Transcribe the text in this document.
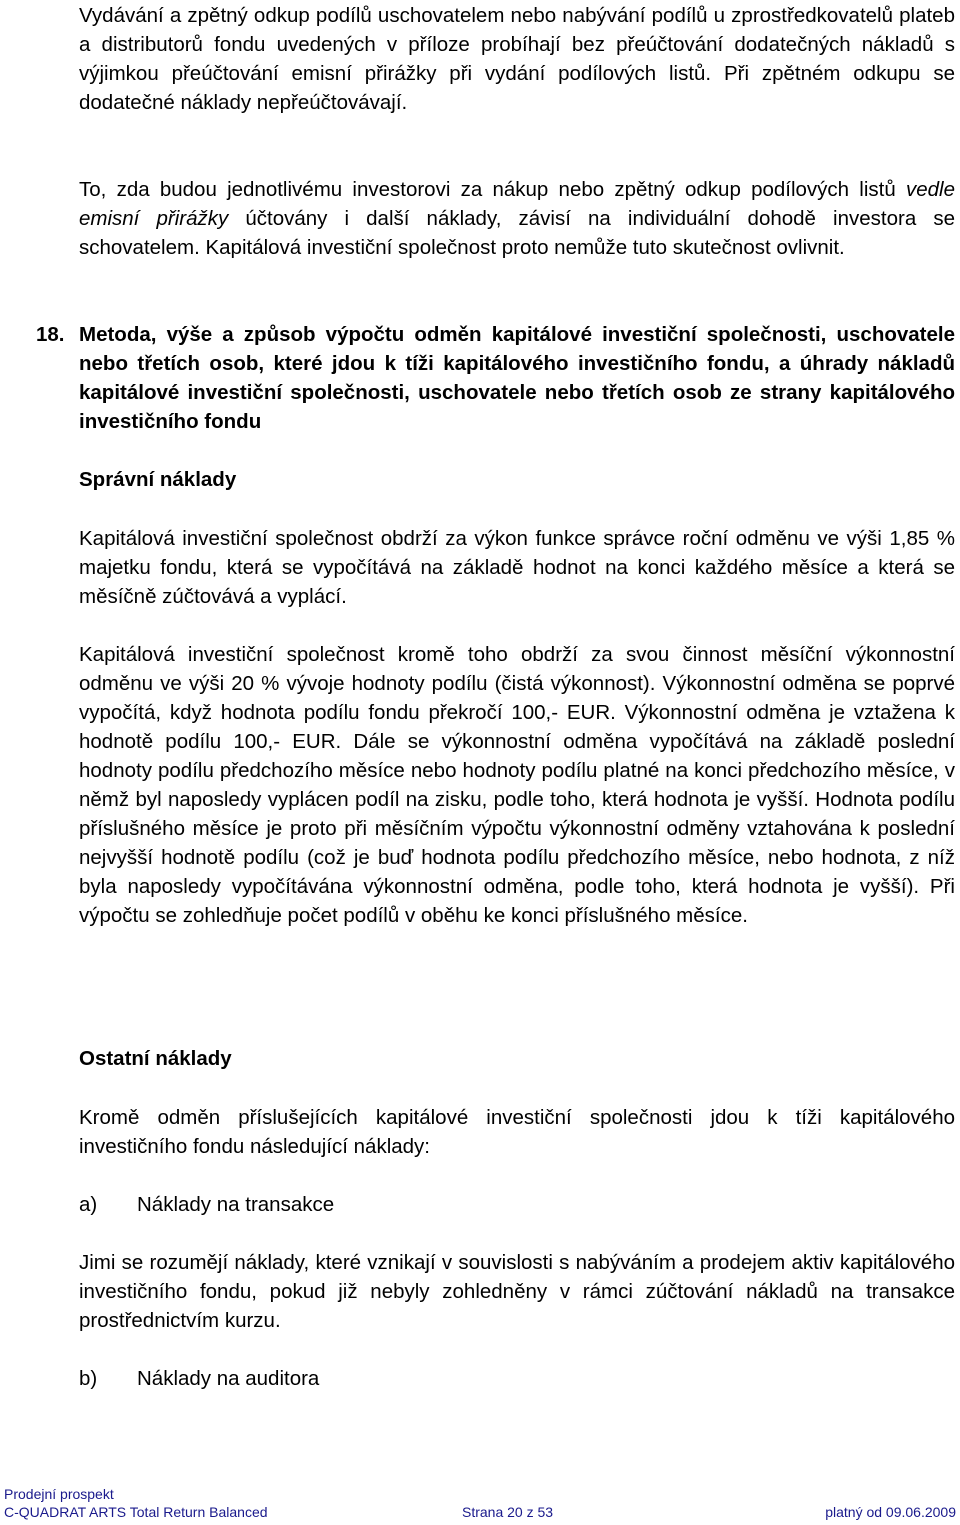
Vydávání a zpětný odkup podílů uschovatelem nebo nabývání podílů u zprostředkovatelů plateb a distributorů fondu uvedených v příloze probíhají bez přeúčtování dodatečných nákladů s výjimkou přeúčtování emisní přirážky při vydání podílových listů. Při zpětném odkupu se dodatečné náklady nepřeúčtovávají.

To, zda budou jednotlivému investorovi za nákup nebo zpětný odkup podílových listů vedle emisní přirážky účtovány i další náklady, závisí na individuální dohodě investora se schovatelem. Kapitálová investiční společnost proto nemůže tuto skutečnost ovlivnit.

18. Metoda, výše a způsob výpočtu odměn kapitálové investiční společnosti, uschovatele nebo třetích osob, které jdou k tíži kapitálového investičního fondu, a úhrady nákladů kapitálové investiční společnosti, uschovatele nebo třetích osob ze strany kapitálového investičního fondu

Správní náklady

Kapitálová investiční společnost obdrží za výkon funkce správce roční odměnu ve výši 1,85 % majetku fondu, která se vypočítává na základě hodnot na konci každého měsíce a která se měsíčně zúčtovává a vyplácí.

Kapitálová investiční společnost kromě toho obdrží za svou činnost měsíční výkonnostní odměnu ve výši 20 % vývoje hodnoty podílu (čistá výkonnost). Výkonnostní odměna se poprvé vypočítá, když hodnota podílu fondu překročí 100,- EUR. Výkonnostní odměna je vztažena k hodnotě podílu 100,- EUR. Dále se výkonnostní odměna vypočítává na základě poslední hodnoty podílu předchozího měsíce nebo hodnoty podílu platné na konci předchozího měsíce, v němž byl naposledy vyplácen podíl na zisku, podle toho, která hodnota je vyšší. Hodnota podílu příslušného měsíce je proto při měsíčním výpočtu výkonnostní odměny vztahována k poslední nejvyšší hodnotě podílu (což je buď hodnota podílu předchozího měsíce, nebo hodnota, z níž byla naposledy vypočítávána výkonnostní odměna, podle toho, která hodnota je vyšší). Při výpočtu se zohledňuje počet podílů v oběhu ke konci příslušného měsíce.

Ostatní náklady

Kromě odměn příslušejících kapitálové investiční společnosti jdou k tíži kapitálového investičního fondu následující náklady:

a) Náklady na transakce

Jimi se rozumějí náklady, které vznikají v souvislosti s nabýváním a prodejem aktiv kapitálového investičního fondu, pokud již nebyly zohledněny v rámci zúčtování nákladů na transakce prostřednictvím kurzu.

b) Náklady na auditora

Prodejní prospekt
C-QUADRAT ARTS Total Return Balanced	Strana 20 z 53	platný od 09.06.2009
